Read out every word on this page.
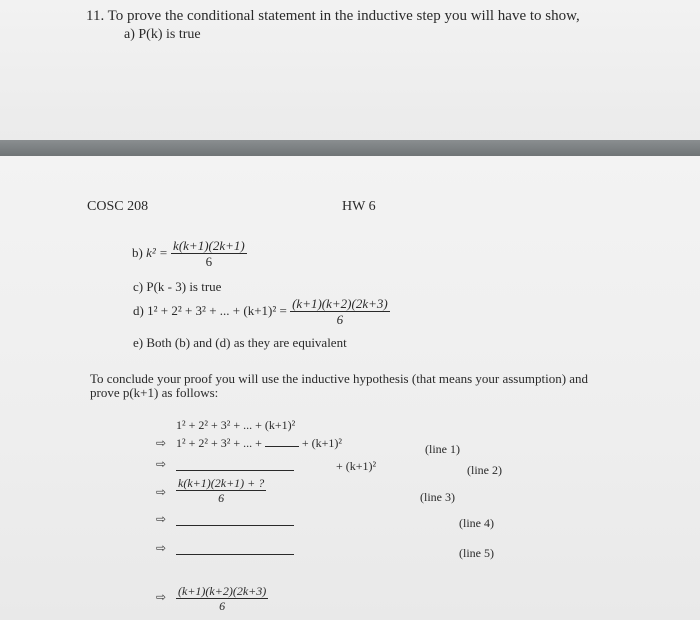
11. To prove the conditional statement in the inductive step you will have to show,
a) P(k) is true
COSC 208	HW 6
b) $k^2 = \frac{k(k+1)(2k+1)}{6}$
c) P(k - 3) is true
d) 1² + 2² + 3² + ... + $(k+1)^2 = \frac{(k+1)(k+2)(2k+3)}{6}$
e) Both (b) and (d) as they are equivalent
To conclude your proof you will use the inductive hypothesis (that means your assumption) and
prove p(k+1) as follows:
1² + 2² + 3² + ... + (k+1)²
⇨ 1² + 2² + 3² + ... +	+ (k+1)²	(line 1)
⇨	+ (k+1)²	(line 2)
⇨ $\frac{k(k+1)(2k+1) + ?}{6}$	(line 3)
⇨	(line 4)
⇨	(line 5)
⇨ $\frac{(k+1)(k+2)(2k+3)}{6}$
